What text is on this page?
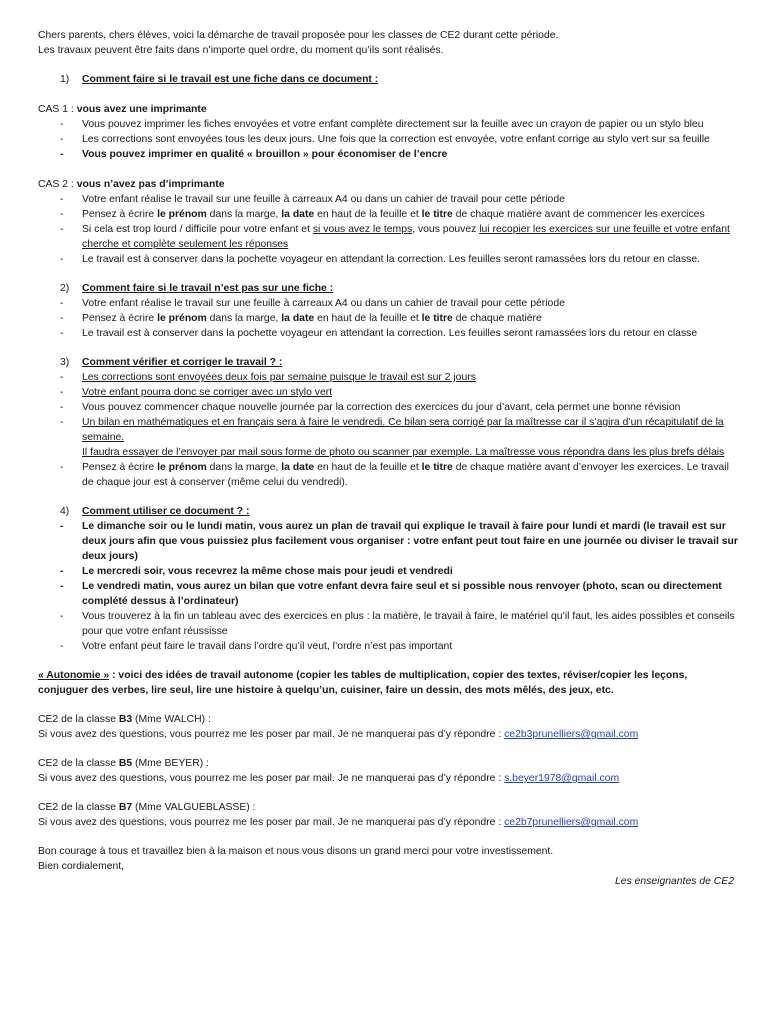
Chers parents, chers élèves, voici la démarche de travail proposée pour les classes de CE2 durant cette période.

Les travaux peuvent être faits dans n’importe quel ordre, du moment qu’ils sont réalisés.

1) Comment faire si le travail est une fiche dans ce document :

CAS 1 : vous avez une imprimante

- Vous pouvez imprimer les fiches envoyées et votre enfant complète directement sur la feuille avec un crayon de papier ou un stylo bleu
- Les corrections sont envoyées tous les deux jours. Une fois que la correction est envoyée, votre enfant corrige au stylo vert sur sa feuille
- Vous pouvez imprimer en qualité « brouillon » pour économiser de l’encre

CAS 2 : vous n’avez pas d’imprimante

- Votre enfant réalise le travail sur une feuille à carreaux A4 ou dans un cahier de travail pour cette période
- Pensez à écrire le prénom dans la marge, la date en haut de la feuille et le titre de chaque matière avant de commencer les exercices
- Si cela est trop lourd / difficile pour votre enfant et si vous avez le temps, vous pouvez lui recopier les exercices sur une feuille et votre enfant cherche et complète seulement les réponses
- Le travail est à conserver dans la pochette voyageur en attendant la correction. Les feuilles seront ramassées lors du retour en classe.

2) Comment faire si le travail n’est pas sur une fiche :

- Votre enfant réalise le travail sur une feuille à carreaux A4 ou dans un cahier de travail pour cette période
- Pensez à écrire le prénom dans la marge, la date en haut de la feuille et le titre de chaque matière
- Le travail est à conserver dans la pochette voyageur en attendant la correction. Les feuilles seront ramassées lors du retour en classe

3) Comment vérifier et corriger le travail ? :

- Les corrections sont envoyées deux fois par semaine puisque le travail est sur 2 jours
- Votre enfant pourra donc se corriger avec un stylo vert
- Vous pouvez commencer chaque nouvelle journée par la correction des exercices du jour d’avant, cela permet une bonne révision
- Un bilan en mathématiques et en français sera à faire le vendredi. Ce bilan sera corrigé par la maîtresse car il s’agira d’un récapitulatif de la semaine.
Il faudra essayer de l’envoyer par mail sous forme de photo ou scanner par exemple. La maîtresse vous répondra dans les plus brefs délais
- Pensez à écrire le prénom dans la marge, la date en haut de la feuille et le titre de chaque matière avant d’envoyer les exercices. Le travail de chaque jour est à conserver (même celui du vendredi).

4) Comment utiliser ce document ? :

- Le dimanche soir ou le lundi matin, vous aurez un plan de travail qui explique le travail à faire pour lundi et mardi (le travail est sur deux jours afin que vous puissiez plus facilement vous organiser : votre enfant peut tout faire en une journée ou diviser le travail sur deux jours)
- Le mercredi soir, vous recevrez la même chose mais pour jeudi et vendredi
- Le vendredi matin, vous aurez un bilan que votre enfant devra faire seul et si possible nous renvoyer (photo, scan ou directement complété dessus à l’ordinateur)
- Vous trouverez à la fin un tableau avec des exercices en plus : la matière, le travail à faire, le matériel qu’il faut, les aides possibles et conseils pour que votre enfant réussisse
- Votre enfant peut faire le travail dans l’ordre qu’il veut, l’ordre n’est pas important

« Autonomie » : voici des idées de travail autonome (copier les tables de multiplication, copier des textes, réviser/copier les leçons, conjuguer des verbes, lire seul, lire une histoire à quelqu’un, cuisiner, faire un dessin, des mots mêlés, des jeux, etc.

CE2 de la classe B3 (Mme WALCH) :

Si vous avez des questions, vous pourrez me les poser par mail. Je ne manquerai pas d’y répondre : ce2b3prunelliers@gmail.com

CE2 de la classe B5 (Mme BEYER) :

Si vous avez des questions, vous pourrez me les poser par mail. Je ne manquerai pas d’y répondre : s.beyer1978@gmail.com

CE2 de la classe B7 (Mme VALGUEBLASSE) :

Si vous avez des questions, vous pourrez me les poser par mail. Je ne manquerai pas d’y répondre : ce2b7prunelliers@gmail.com

Bon courage à tous et travaillez bien à la maison et nous vous disons un grand merci pour votre investissement.

Bien cordialement,

Les enseignantes de CE2
